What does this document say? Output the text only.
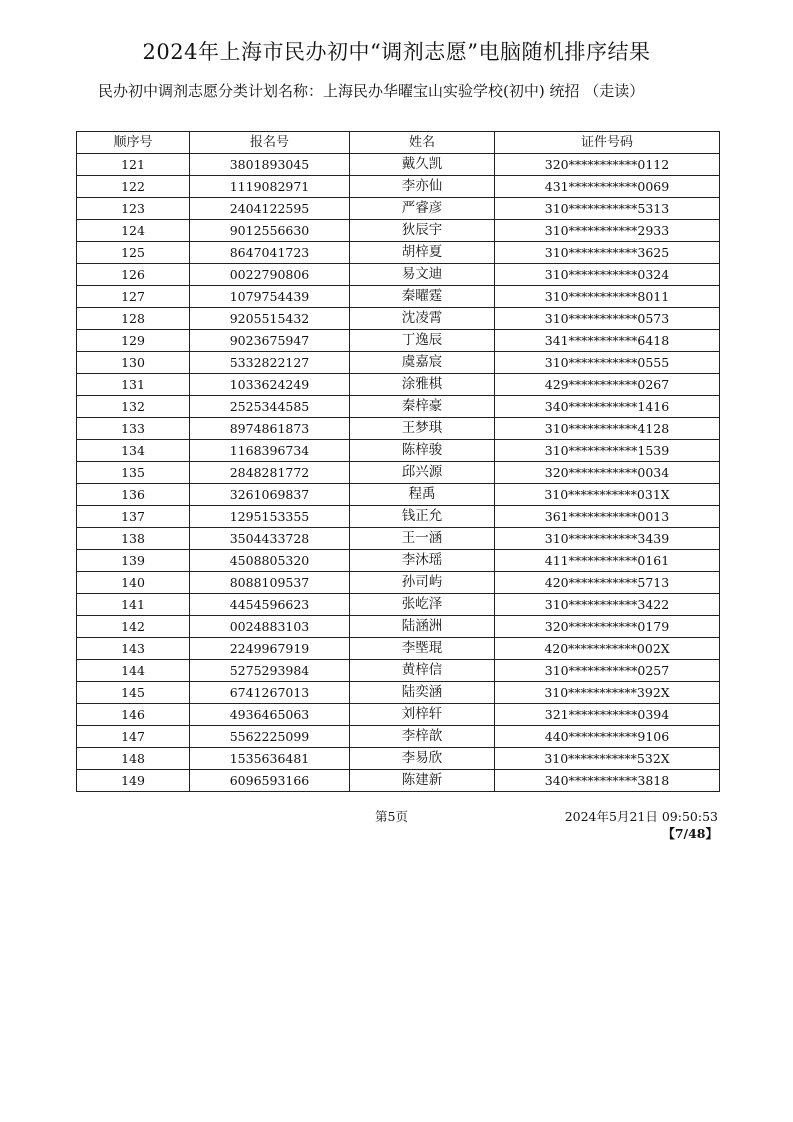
2024年上海市民办初中“调剂志愿”电脑随机排序结果
民办初中调剂志愿分类计划名称：上海民办华曜宝山实验学校(初中) 统招 （走读）
顺序号	报名号	姓名	证件号码
121	3801893045	戴久凯	320***********0112
122	1119082971	李亦仙	431***********0069
123	2404122595	严睿彦	310***********5313
124	9012556630	狄辰宇	310***********2933
125	8647041723	胡梓夏	310***********3625
126	0022790806	易文迪	310***********0324
127	1079754439	秦曜霆	310***********8011
128	9205515432	沈凌霄	310***********0573
129	9023675947	丁逸辰	341***********6418
130	5332822127	虞嘉宸	310***********0555
131	1033624249	涂雅棋	429***********0267
132	2525344585	秦梓豪	340***********1416
133	8974861873	王梦琪	310***********4128
134	1168396734	陈梓骏	310***********1539
135	2848281772	邱兴源	320***********0034
136	3261069837	程禹	310***********031X
137	1295153355	钱正允	361***********0013
138	3504433728	王一涵	310***********3439
139	4508805320	李沐瑶	411***********0161
140	8088109537	孙司屿	420***********5713
141	4454596623	张屹泽	310***********3422
142	0024883103	陆涵洲	320***********0179
143	2249967919	李塈琨	420***********002X
144	5275293984	黄梓信	310***********0257
145	6741267013	陆奕涵	310***********392X
146	4936465063	刘梓轩	321***********0394
147	5562225099	李梓歆	440***********9106
148	1535636481	李易欣	310***********532X
149	6096593166	陈建新	340***********3818
第5页	2024年5月21日 09:50:53
【7/48】
